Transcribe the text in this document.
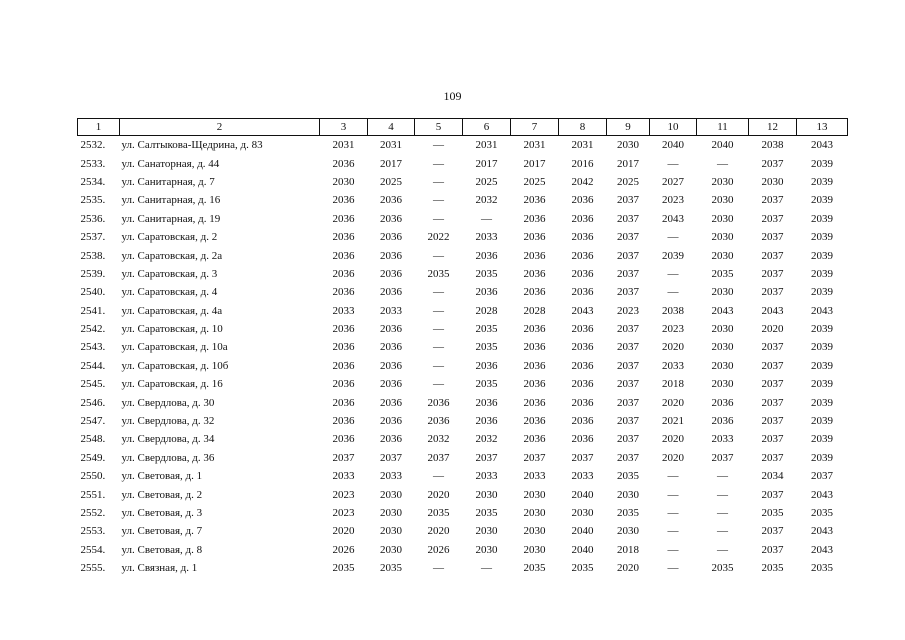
109
1	2	3	4	5	6	7	8	9	10	11	12	13
2532.	ул. Салтыкова-Щедрина, д. 83	2031	2031	—	2031	2031	2031	2030	2040	2040	2038	2043
2533.	ул. Санаторная, д. 44	2036	2017	—	2017	2017	2016	2017	—	—	2037	2039
2534.	ул. Санитарная, д. 7	2030	2025	—	2025	2025	2042	2025	2027	2030	2030	2039
2535.	ул. Санитарная, д. 16	2036	2036	—	2032	2036	2036	2037	2023	2030	2037	2039
2536.	ул. Санитарная, д. 19	2036	2036	—	—	2036	2036	2037	2043	2030	2037	2039
2537.	ул. Саратовская, д. 2	2036	2036	2022	2033	2036	2036	2037	—	2030	2037	2039
2538.	ул. Саратовская, д. 2а	2036	2036	—	2036	2036	2036	2037	2039	2030	2037	2039
2539.	ул. Саратовская, д. 3	2036	2036	2035	2035	2036	2036	2037	—	2035	2037	2039
2540.	ул. Саратовская, д. 4	2036	2036	—	2036	2036	2036	2037	—	2030	2037	2039
2541.	ул. Саратовская, д. 4а	2033	2033	—	2028	2028	2043	2023	2038	2043	2043	2043
2542.	ул. Саратовская, д. 10	2036	2036	—	2035	2036	2036	2037	2023	2030	2020	2039
2543.	ул. Саратовская, д. 10а	2036	2036	—	2035	2036	2036	2037	2020	2030	2037	2039
2544.	ул. Саратовская, д. 10б	2036	2036	—	2036	2036	2036	2037	2033	2030	2037	2039
2545.	ул. Саратовская, д. 16	2036	2036	—	2035	2036	2036	2037	2018	2030	2037	2039
2546.	ул. Свердлова, д. 30	2036	2036	2036	2036	2036	2036	2037	2020	2036	2037	2039
2547.	ул. Свердлова, д. 32	2036	2036	2036	2036	2036	2036	2037	2021	2036	2037	2039
2548.	ул. Свердлова, д. 34	2036	2036	2032	2032	2036	2036	2037	2020	2033	2037	2039
2549.	ул. Свердлова, д. 36	2037	2037	2037	2037	2037	2037	2037	2020	2037	2037	2039
2550.	ул. Световая, д. 1	2033	2033	—	2033	2033	2033	2035	—	—	2034	2037
2551.	ул. Световая, д. 2	2023	2030	2020	2030	2030	2040	2030	—	—	2037	2043
2552.	ул. Световая, д. 3	2023	2030	2035	2035	2030	2030	2035	—	—	2035	2035
2553.	ул. Световая, д. 7	2020	2030	2020	2030	2030	2040	2030	—	—	2037	2043
2554.	ул. Световая, д. 8	2026	2030	2026	2030	2030	2040	2018	—	—	2037	2043
2555.	ул. Связная, д. 1	2035	2035	—	—	2035	2035	2020	—	2035	2035	2035
